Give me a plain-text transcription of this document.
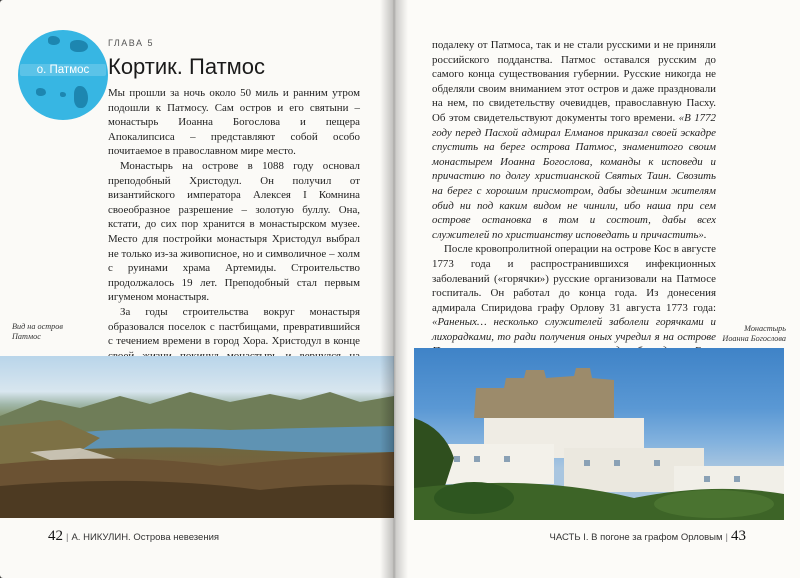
о. Патмос
ГЛАВА 5
Кортик. Патмос

Мы прошли за ночь около 50 миль и ранним утром подошли к Патмосу. Сам остров и его святыни – монастырь Иоанна Богослова и пещера Апокалипсиса – представляют собой особо почитаемое в православном мире место.

Монастырь на острове в 1088 году основал преподобный Христодул. Он получил от византийского императора Алексея I Комнина своеобразное разрешение – золотую буллу. Она, кстати, до сих пор хранится в монастырском музее. Место для постройки монастыря Христодул выбрал не только из-за живописное, но и символичное – холм с руинами храма Артемиды. Строительство продолжалось 19 лет. Преподобный стал первым игуменом монастыря.

За годы строительства вокруг монастыря образовался поселок с пастбищами, превратившийся с течением времени в город Хора. Христодул в конце

Вид на остров Патмос
42 | А. НИКУЛИН. Острова невезения

подалеку от Патмоса, так и не стали русскими и не приняли российского подданства. Патмос оставался русским до самого конца существования губернии. Русские никогда не обделяли своим вниманием этот остров и даже праздновали на нем, по свидетельству очевидцев, православную Пасху. Об этом свидетельствуют документы того времени. «В 1772 году перед Пасхой адмирал Елманов приказал своей эскадре спустить на берег острова Патмос, знаменитого своим монастырем Иоанна Богослова, команды к исповеди и причастию по долгу христианской Святых Таин. Свозить на берег с хорошим присмотром, дабы здешним жителям обид ни под каким видом не чинили, ибо наша при сем острове остановка в том и состоит, дабы всех служителей по христианству исповедать и причастить».

После кровопролитной операции на острове Кос в августе 1773 года и распространившихся инфекционных заболеваний («горячки») русские организовали на Патмосе госпиталь. Он работал до конца года. Из донесения адмирала Спиридова графу Орлову 31 августа 1773 года: «Раненых… несколько служителей заболели горячками и лихорадками, то ради получения оных учредил я на острове

Монастырь Иоанна Богослова
ЧАСТЬ I. В погоне за графом Орловым | 43
